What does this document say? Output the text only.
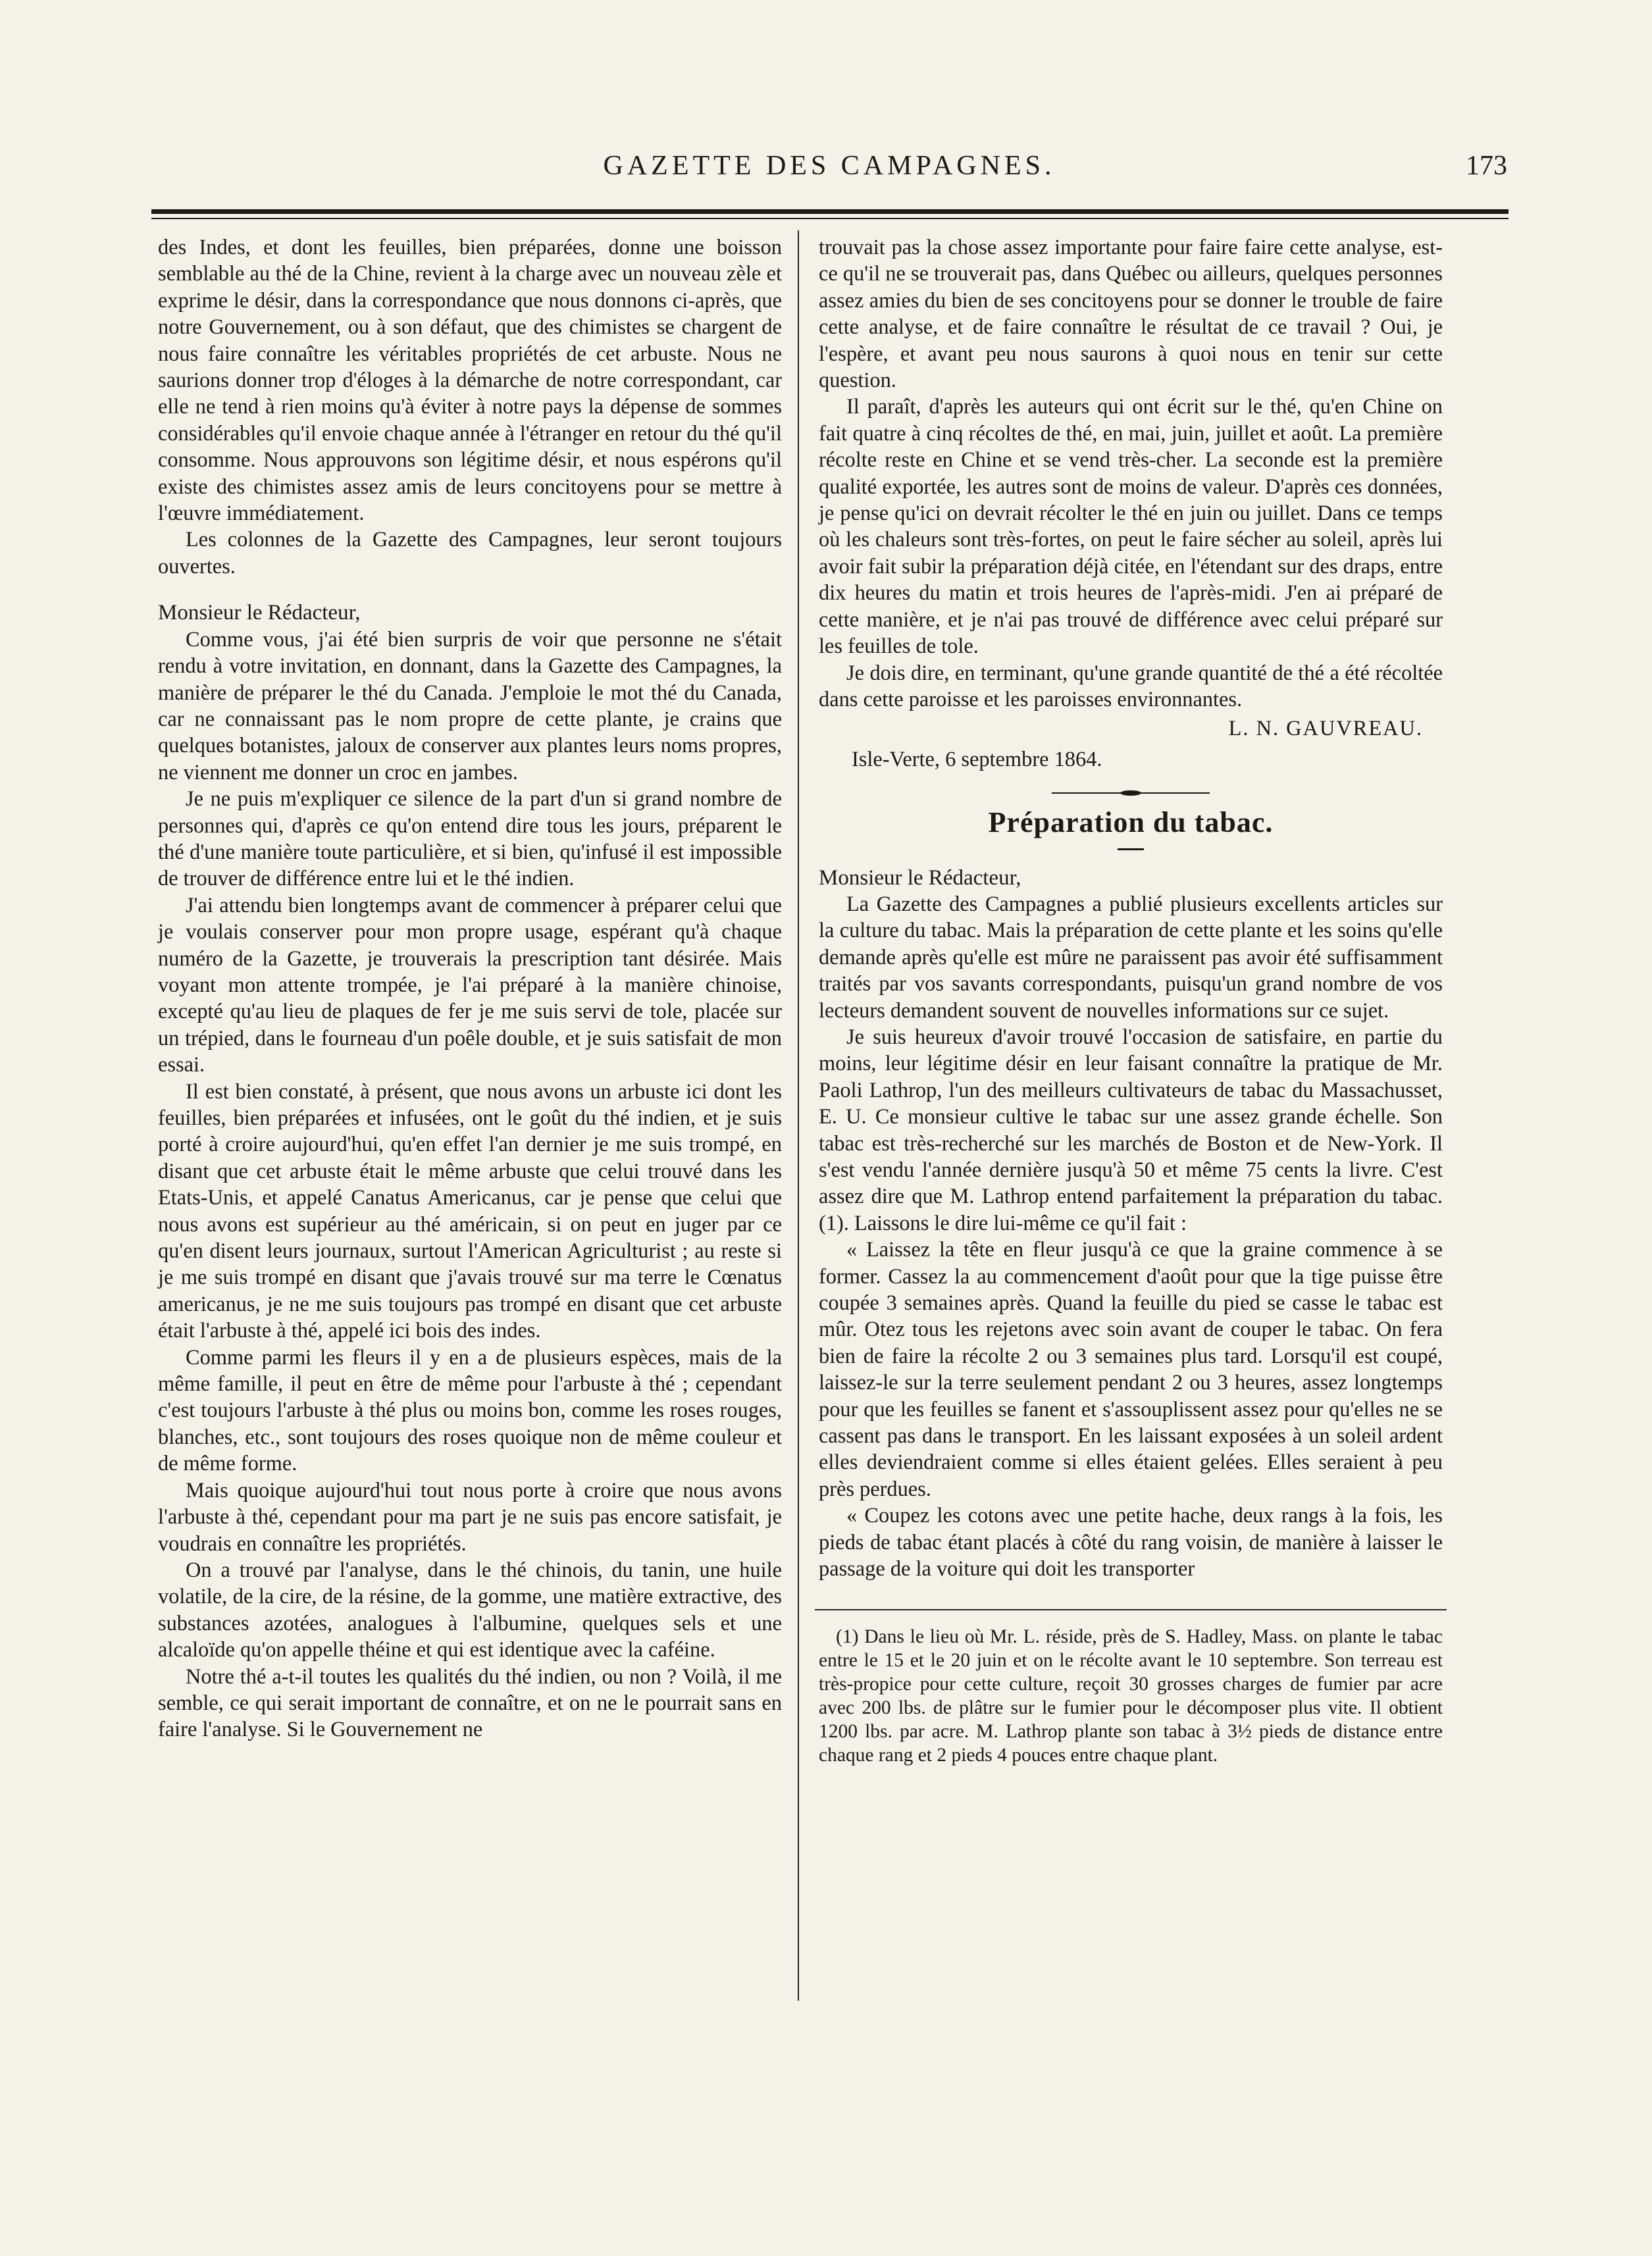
GAZETTE DES CAMPAGNES.	173

des Indes, et dont les feuilles, bien préparées, donne une boisson semblable au thé de la Chine, revient à la charge avec un nouveau zèle et exprime le désir, dans la correspondance que nous donnons ci-après, que notre Gouvernement, ou à son défaut, que des chimistes se chargent de nous faire connaître les véritables propriétés de cet arbuste. Nous ne saurions donner trop d'éloges à la démarche de notre correspondant, car elle ne tend à rien moins qu'à éviter à notre pays la dépense de sommes considérables qu'il envoie chaque année à l'étranger en retour du thé qu'il consomme. Nous approuvons son légitime désir, et nous espérons qu'il existe des chimistes assez amis de leurs concitoyens pour se mettre à l'œuvre immédiatement.

Les colonnes de la Gazette des Campagnes, leur seront toujours ouvertes.

Monsieur le Rédacteur,

Comme vous, j'ai été bien surpris de voir que personne ne s'était rendu à votre invitation, en donnant, dans la Gazette des Campagnes, la manière de préparer le thé du Canada. J'emploie le mot thé du Canada, car ne connaissant pas le nom propre de cette plante, je crains que quelques botanistes, jaloux de conserver aux plantes leurs noms propres, ne viennent me donner un croc en jambes.

Je ne puis m'expliquer ce silence de la part d'un si grand nombre de personnes qui, d'après ce qu'on entend dire tous les jours, préparent le thé d'une manière toute particulière, et si bien, qu'infusé il est impossible de trouver de différence entre lui et le thé indien.

J'ai attendu bien longtemps avant de commencer à préparer celui que je voulais conserver pour mon propre usage, espérant qu'à chaque numéro de la Gazette, je trouverais la prescription tant désirée. Mais voyant mon attente trompée, je l'ai préparé à la manière chinoise, excepté qu'au lieu de plaques de fer je me suis servi de tole, placée sur un trépied, dans le fourneau d'un poêle double, et je suis satisfait de mon essai.

Il est bien constaté, à présent, que nous avons un arbuste ici dont les feuilles, bien préparées et infusées, ont le goût du thé indien, et je suis porté à croire aujourd'hui, qu'en effet l'an dernier je me suis trompé, en disant que cet arbuste était le même arbuste que celui trouvé dans les Etats-Unis, et appelé Canatus Americanus, car je pense que celui que nous avons est supérieur au thé américain, si on peut en juger par ce qu'en disent leurs journaux, surtout l'American Agriculturist ; au reste si je me suis trompé en disant que j'avais trouvé sur ma terre le Cœnatus americanus, je ne me suis toujours pas trompé en disant que cet arbuste était l'arbuste à thé, appelé ici bois des indes.

Comme parmi les fleurs il y en a de plusieurs espèces, mais de la même famille, il peut en être de même pour l'arbuste à thé ; cependant c'est toujours l'arbuste à thé plus ou moins bon, comme les roses rouges, blanches, etc., sont toujours des roses quoique non de même couleur et de même forme.

Mais quoique aujourd'hui tout nous porte à croire que nous avons l'arbuste à thé, cependant pour ma part je ne suis pas encore satisfait, je voudrais en connaître les propriétés.

On a trouvé par l'analyse, dans le thé chinois, du tanin, une huile volatile, de la cire, de la résine, de la gomme, une matière extractive, des substances azotées, analogues à l'albumine, quelques sels et une alcaloïde qu'on appelle théine et qui est identique avec la caféine.

Notre thé a-t-il toutes les qualités du thé indien, ou non ? Voilà, il me semble, ce qui serait important de connaître, et on ne le pourrait sans en faire l'analyse. Si le Gouvernement ne

trouvait pas la chose assez importante pour faire faire cette analyse, est-ce qu'il ne se trouverait pas, dans Québec ou ailleurs, quelques personnes assez amies du bien de ses concitoyens pour se donner le trouble de faire cette analyse, et de faire connaître le résultat de ce travail ? Oui, je l'espère, et avant peu nous saurons à quoi nous en tenir sur cette question.

Il paraît, d'après les auteurs qui ont écrit sur le thé, qu'en Chine on fait quatre à cinq récoltes de thé, en mai, juin, juillet et août. La première récolte reste en Chine et se vend très-cher. La seconde est la première qualité exportée, les autres sont de moins de valeur. D'après ces données, je pense qu'ici on devrait récolter le thé en juin ou juillet. Dans ce temps où les chaleurs sont très-fortes, on peut le faire sécher au soleil, après lui avoir fait subir la préparation déjà citée, en l'étendant sur des draps, entre dix heures du matin et trois heures de l'après-midi. J'en ai préparé de cette manière, et je n'ai pas trouvé de différence avec celui préparé sur les feuilles de tole.

Je dois dire, en terminant, qu'une grande quantité de thé a été récoltée dans cette paroisse et les paroisses environnantes.

L. N. GAUVREAU.

Isle-Verte, 6 septembre 1864.

Préparation du tabac.

Monsieur le Rédacteur,

La Gazette des Campagnes a publié plusieurs excellents articles sur la culture du tabac. Mais la préparation de cette plante et les soins qu'elle demande après qu'elle est mûre ne paraissent pas avoir été suffisamment traités par vos savants correspondants, puisqu'un grand nombre de vos lecteurs demandent souvent de nouvelles informations sur ce sujet.

Je suis heureux d'avoir trouvé l'occasion de satisfaire, en partie du moins, leur légitime désir en leur faisant connaître la pratique de Mr. Paoli Lathrop, l'un des meilleurs cultivateurs de tabac du Massachusset, E. U. Ce monsieur cultive le tabac sur une assez grande échelle. Son tabac est très-recherché sur les marchés de Boston et de New-York. Il s'est vendu l'année dernière jusqu'à 50 et même 75 cents la livre. C'est assez dire que M. Lathrop entend parfaitement la préparation du tabac. (1). Laissons le dire lui-même ce qu'il fait :

« Laissez la tête en fleur jusqu'à ce que la graine commence à se former. Cassez la au commencement d'août pour que la tige puisse être coupée 3 semaines après. Quand la feuille du pied se casse le tabac est mûr. Otez tous les rejetons avec soin avant de couper le tabac. On fera bien de faire la récolte 2 ou 3 semaines plus tard. Lorsqu'il est coupé, laissez-le sur la terre seulement pendant 2 ou 3 heures, assez longtemps pour que les feuilles se fanent et s'assouplissent assez pour qu'elles ne se cassent pas dans le transport. En les laissant exposées à un soleil ardent elles deviendraient comme si elles étaient gelées. Elles seraient à peu près perdues.

« Coupez les cotons avec une petite hache, deux rangs à la fois, les pieds de tabac étant placés à côté du rang voisin, de manière à laisser le passage de la voiture qui doit les transporter

(1) Dans le lieu où Mr. L. réside, près de S. Hadley, Mass. on plante le tabac entre le 15 et le 20 juin et on le récolte avant le 10 septembre. Son terreau est très-propice pour cette culture, reçoit 30 grosses charges de fumier par acre avec 200 lbs. de plâtre sur le fumier pour le décomposer plus vite. Il obtient 1200 lbs. par acre. M. Lathrop plante son tabac à 3½ pieds de distance entre chaque rang et 2 pieds 4 pouces entre chaque plant.
